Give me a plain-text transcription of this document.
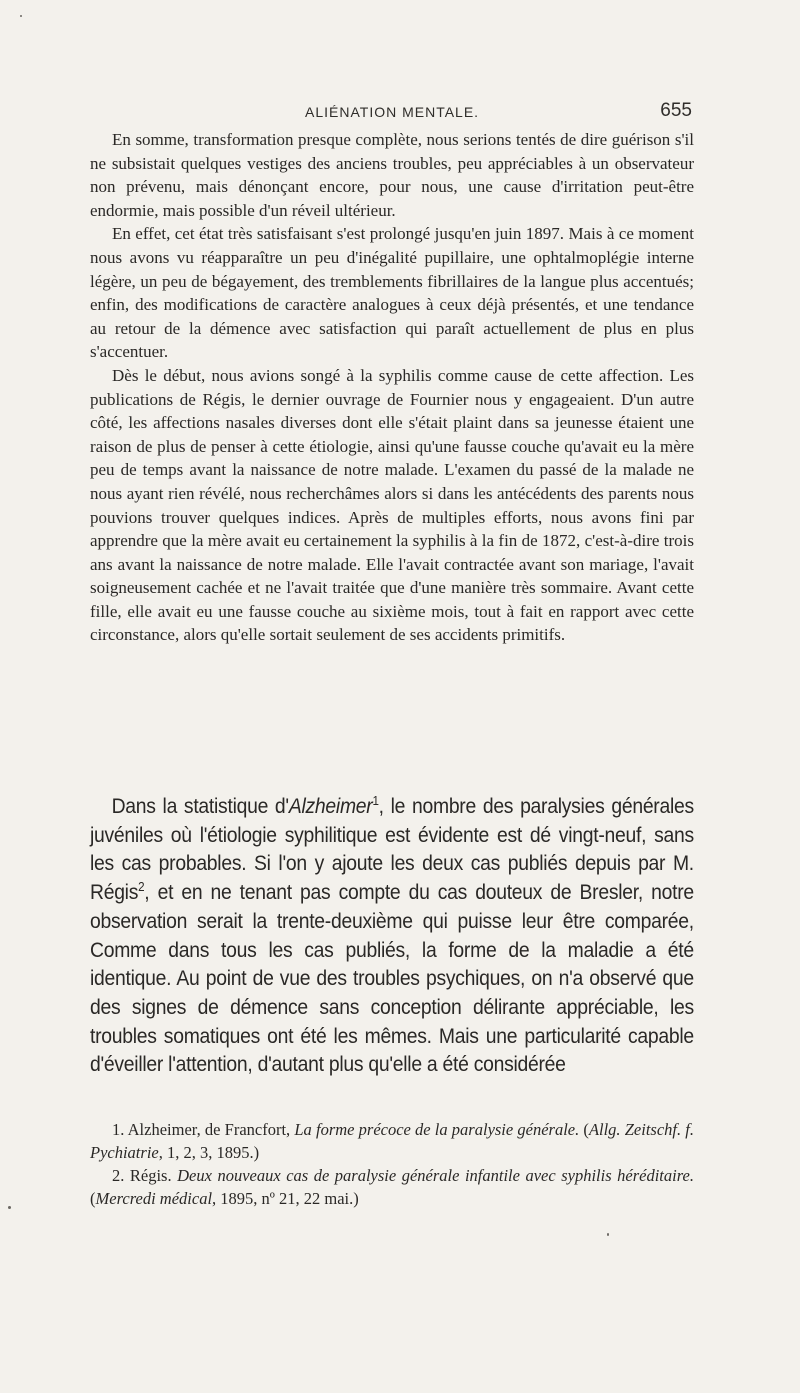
ALIÉNATION MENTALE.	655

En somme, transformation presque complète, nous serions tentés de dire guérison s'il ne subsistait quelques vestiges des anciens troubles, peu appréciables à un observateur non prévenu, mais dénonçant encore, pour nous, une cause d'irritation peut-être endormie, mais possible d'un réveil ultérieur.

En effet, cet état très satisfaisant s'est prolongé jusqu'en juin 1897. Mais à ce moment nous avons vu réapparaître un peu d'inégalité pupillaire, une ophtalmoplégie interne légère, un peu de bégayement, des tremblements fibrillaires de la langue plus accentués; enfin, des modifications de caractère analogues à ceux déjà présentés, et une tendance au retour de la démence avec satisfaction qui paraît actuellement de plus en plus s'accentuer.

Dès le début, nous avions songé à la syphilis comme cause de cette affection. Les publications de Régis, le dernier ouvrage de Fournier nous y engageaient. D'un autre côté, les affections nasales diverses dont elle s'était plaint dans sa jeunesse étaient une raison de plus de penser à cette étiologie, ainsi qu'une fausse couche qu'avait eu la mère peu de temps avant la naissance de notre malade. L'examen du passé de la malade ne nous ayant rien révélé, nous recherchâmes alors si dans les antécédents des parents nous pouvions trouver quelques indices. Après de multiples efforts, nous avons fini par apprendre que la mère avait eu certainement la syphilis à la fin de 1872, c'est-à-dire trois ans avant la naissance de notre malade. Elle l'avait contractée avant son mariage, l'avait soigneusement cachée et ne l'avait traitée que d'une manière très sommaire. Avant cette fille, elle avait eu une fausse couche au sixième mois, tout à fait en rapport avec cette circonstance, alors qu'elle sortait seulement de ses accidents primitifs.

Dans la statistique d'Alzheimer$^1$, le nombre des paralysies générales juvéniles où l'étiologie syphilitique est évidente est dé vingt-neuf, sans les cas probables. Si l'on y ajoute les deux cas publiés depuis par M. Régis$^2$, et en ne tenant pas compte du cas douteux de Bresler, notre observation serait la trente-deuxième qui puisse leur être comparée, Comme dans tous les cas publiés, la forme de la maladie a été identique. Au point de vue des troubles psychiques, on n'a observé que des signes de démence sans conception délirante appréciable, les troubles somatiques ont été les mêmes. Mais une particularité capable d'éveiller l'attention, d'autant plus qu'elle a été considérée

1. Alzheimer, de Francfort, La forme précoce de la paralysie générale. (Allg. Zeitschf. f. Pychiatrie, 1, 2, 3, 1895.)

2. Régis. Deux nouveaux cas de paralysie générale infantile avec syphilis héréditaire. (Mercredi médical, 1895, nº 21, 22 mai.)
